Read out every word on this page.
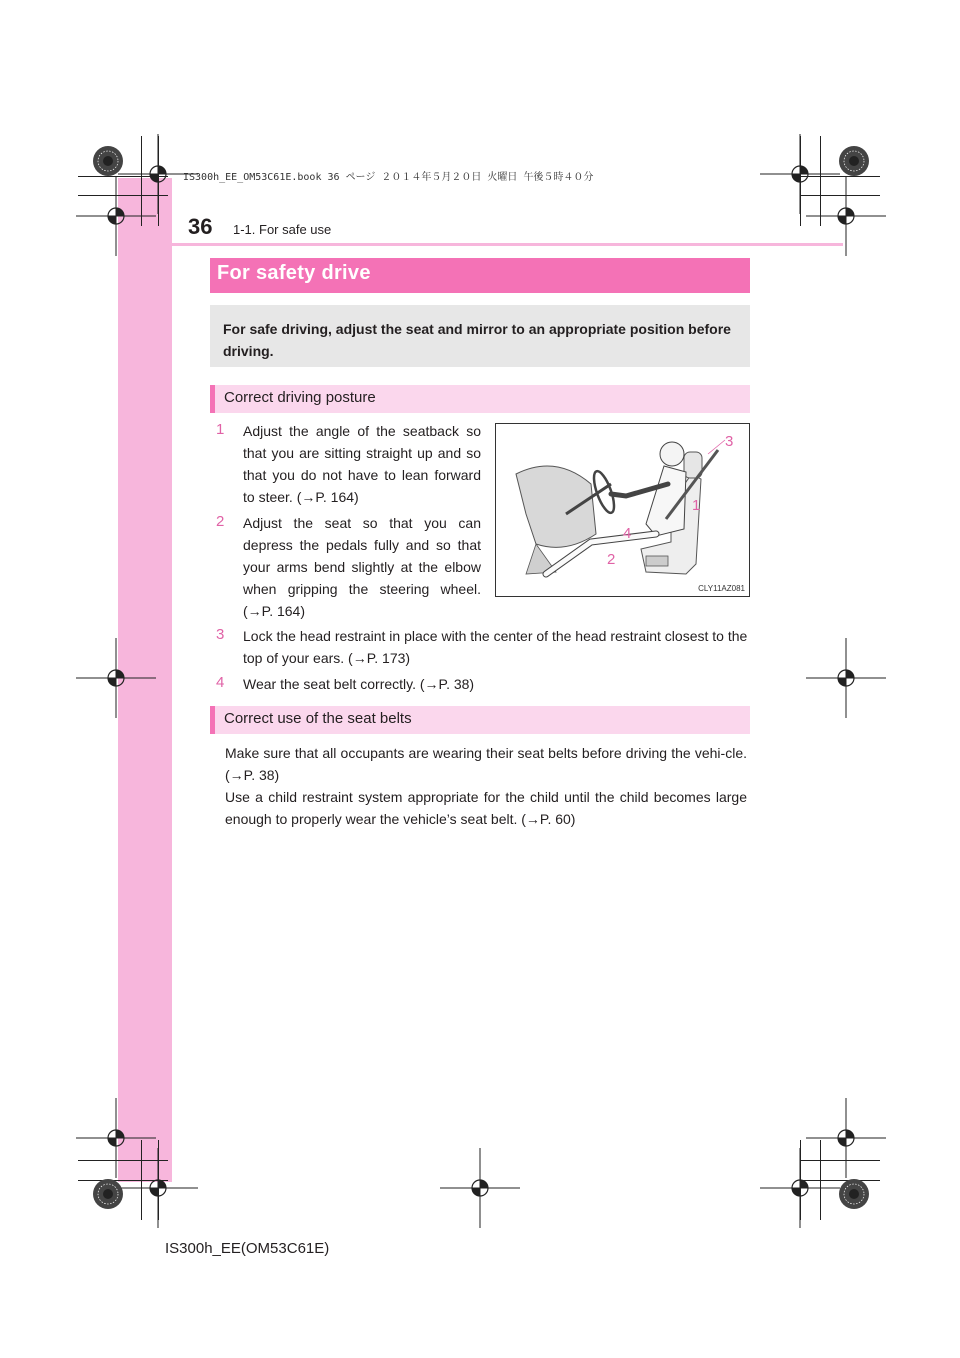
IS300h_EE_OM53C61E.book 36 ページ ２０１４年５月２０日 火曜日 午後５時４０分
36 1-1. For safe use
For safety drive
For safe driving, adjust the seat and mirror to an appropriate position before driving.
Correct driving posture
1	Adjust the angle of the seatback so that you are sitting straight up and so that you do not have to lean forward to steer. (→P. 164)
2	Adjust the seat so that you can depress the pedals fully and so that your arms bend slightly at the elbow when gripping the steering wheel. (→P. 164)
3	Lock the head restraint in place with the center of the head restraint closest to the top of your ears. (→P. 173)
4	Wear the seat belt correctly. (→P. 38)
3
1
4
2
CLY11AZ081
Correct use of the seat belts
Make sure that all occupants are wearing their seat belts before driving the vehi-cle. (→P. 38)
Use a child restraint system appropriate for the child until the child becomes large enough to properly wear the vehicle’s seat belt. (→P. 60)
IS300h_EE(OM53C61E)
